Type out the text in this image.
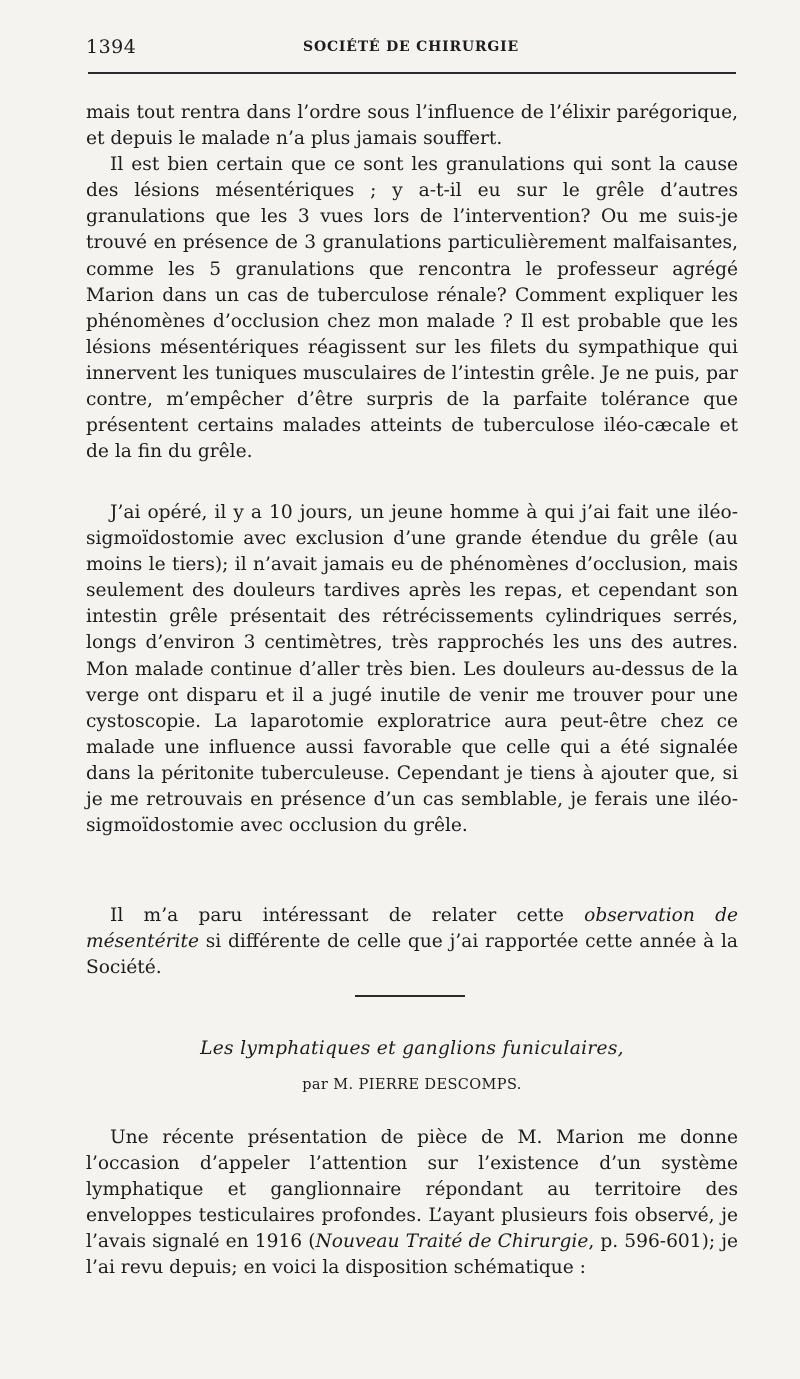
1394	SOCIÉTÉ DE CHIRURGIE

mais tout rentra dans l’ordre sous l’influence de l’élixir parégorique, et depuis le malade n’a plus jamais souffert.

Il est bien certain que ce sont les granulations qui sont la cause des lésions mésentériques ; y a-t-il eu sur le grêle d’autres granulations que les 3 vues lors de l’intervention? Ou me suis-je trouvé en présence de 3 granulations particulièrement malfaisantes, comme les 5 granulations que rencontra le professeur agrégé Marion dans un cas de tuberculose rénale? Comment expliquer les phénomènes d’occlusion chez mon malade ? Il est probable que les lésions mésentériques réagissent sur les filets du sympathique qui innervent les tuniques musculaires de l’intestin grêle. Je ne puis, par contre, m’empêcher d’être surpris de la parfaite tolérance que présentent certains malades atteints de tuberculose iléo-cæcale et de la fin du grêle.

J’ai opéré, il y a 10 jours, un jeune homme à qui j’ai fait une iléo-sigmoïdostomie avec exclusion d’une grande étendue du grêle (au moins le tiers); il n’avait jamais eu de phénomènes d’occlusion, mais seulement des douleurs tardives après les repas, et cependant son intestin grêle présentait des rétrécissements cylindriques serrés, longs d’environ 3 centimètres, très rapprochés les uns des autres. Mon malade continue d’aller très bien. Les douleurs au-dessus de la verge ont disparu et il a jugé inutile de venir me trouver pour une cystoscopie. La laparotomie exploratrice aura peut-être chez ce malade une influence aussi favorable que celle qui a été signalée dans la péritonite tuberculeuse. Cependant je tiens à ajouter que, si je me retrouvais en présence d’un cas semblable, je ferais une iléo-sigmoïdostomie avec occlusion du grêle.

Il m’a paru intéressant de relater cette observation de mésentérite si différente de celle que j’ai rapportée cette année à la Société.

Les lymphatiques et ganglions funiculaires,
par M. PIERRE DESCOMPS.

Une récente présentation de pièce de M. Marion me donne l’occasion d’appeler l’attention sur l’existence d’un système lymphatique et ganglionnaire répondant au territoire des enveloppes testiculaires profondes. L’ayant plusieurs fois observé, je l’avais signalé en 1916 (Nouveau Traité de Chirurgie, p. 596-601); je l’ai revu depuis; en voici la disposition schématique :
